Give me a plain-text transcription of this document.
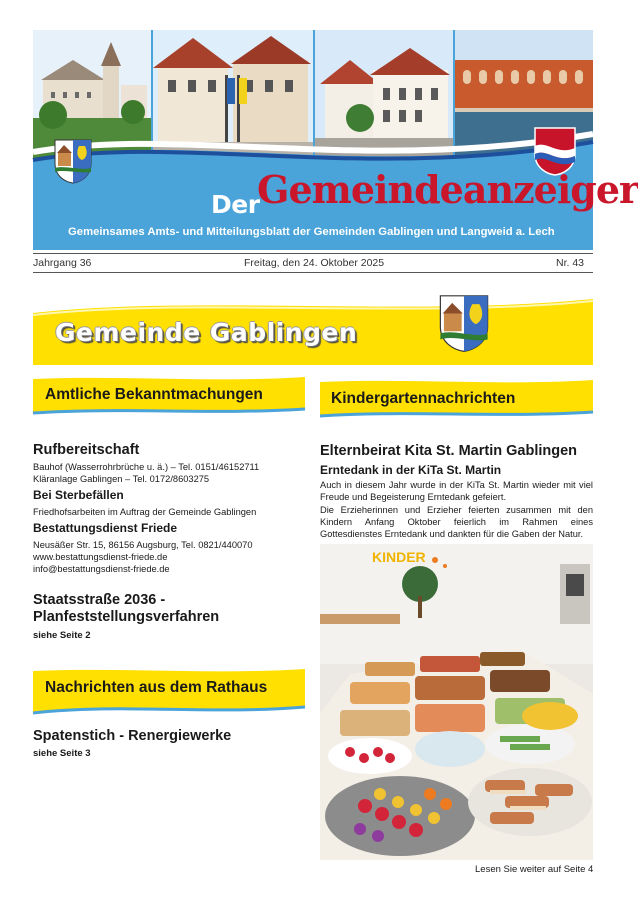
Der
Gemeindeanzeiger
Gemeinsames Amts- und Mitteilungsblatt der Gemeinden Gablingen und Langweid a. Lech
Jahrgang 36	Freitag, den 24. Oktober 2025	Nr. 43
Gemeinde Gablingen
Amtliche Bekanntmachungen
Rufbereitschaft
Bauhof (Wasserrohrbrüche u. ä.) – Tel. 0151/46152711
Kläranlage Gablingen – Tel. 0172/8603275
Bei Sterbefällen
Friedhofsarbeiten im Auftrag der Gemeinde Gablingen
Bestattungsdienst Friede
Neusäßer Str. 15, 86156 Augsburg, Tel. 0821/440070
www.bestattungsdienst-friede.de
info@bestattungsdienst-friede.de
Staatsstraße 2036 -
Planfeststellungsverfahren
siehe Seite 2
Nachrichten aus dem Rathaus
Spatenstich - Renergiewerke
siehe Seite 3
Kindergartennachrichten
Elternbeirat Kita St. Martin Gablingen
Erntedank in der KiTa St. Martin
Auch in diesem Jahr wurde in der KiTa St. Martin wieder mit viel Freude und Begeisterung Erntedank gefeiert.
Die Erzieherinnen und Erzieher feierten zusammen mit den Kindern Anfang Oktober feierlich im Rahmen eines Gottesdienstes Erntedank und dankten für die Gaben der Natur.
KINDER
Lesen Sie weiter auf Seite 4
